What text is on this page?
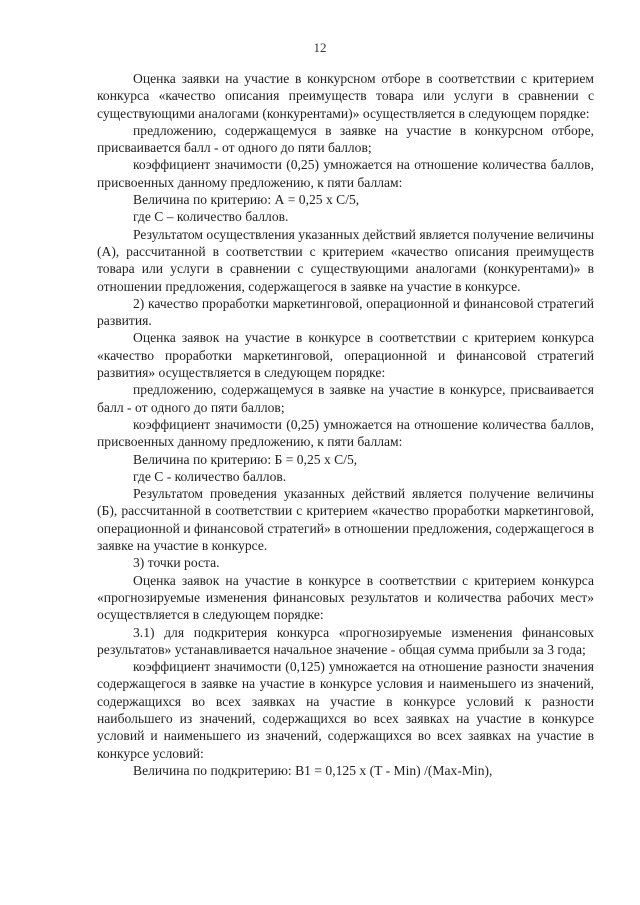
12

Оценка заявки на участие в конкурсном отборе в соответствии с критерием конкурса «качество описания преимуществ товара или услуги в сравнении с существующими аналогами (конкурентами)» осуществляется в следующем порядке:

предложению, содержащемуся в заявке на участие в конкурсном отборе, присваивается балл - от одного до пяти баллов;

коэффициент значимости (0,25) умножается на отношение количества баллов, присвоенных данному предложению, к пяти баллам:

Величина по критерию: А = 0,25 x С/5,

где С – количество баллов.

Результатом осуществления указанных действий является получение величины (А), рассчитанной в соответствии с критерием «качество описания преимуществ товара или услуги в сравнении с существующими аналогами (конкурентами)» в отношении предложения, содержащегося в заявке на участие в конкурсе.

2) качество проработки маркетинговой, операционной и финансовой стратегий развития.

Оценка заявок на участие в конкурсе в соответствии с критерием конкурса «качество проработки маркетинговой, операционной и финансовой стратегий развития» осуществляется в следующем порядке:

предложению, содержащемуся в заявке на участие в конкурсе, присваивается балл - от одного до пяти баллов;

коэффициент значимости (0,25) умножается на отношение количества баллов, присвоенных данному предложению, к пяти баллам:

Величина по критерию: Б = 0,25 x С/5,

где С - количество баллов.

Результатом проведения указанных действий является получение величины (Б), рассчитанной в соответствии с критерием «качество проработки маркетинговой, операционной и финансовой стратегий» в отношении предложения, содержащегося в заявке на участие в конкурсе.

3) точки роста.

Оценка заявок на участие в конкурсе в соответствии с критерием конкурса «прогнозируемые изменения финансовых результатов и количества рабочих мест» осуществляется в следующем порядке:

3.1) для подкритерия конкурса «прогнозируемые изменения финансовых результатов» устанавливается начальное значение - общая сумма прибыли за 3 года;

коэффициент значимости (0,125) умножается на отношение разности значения содержащегося в заявке на участие в конкурсе условия и наименьшего из значений, содержащихся во всех заявках на участие в конкурсе условий к разности наибольшего из значений, содержащихся во всех заявках на участие в конкурсе условий и наименьшего из значений, содержащихся во всех заявках на участие в конкурсе условий:

Величина по подкритерию: В1 = 0,125 x (T - Min) /(Max-Min),
